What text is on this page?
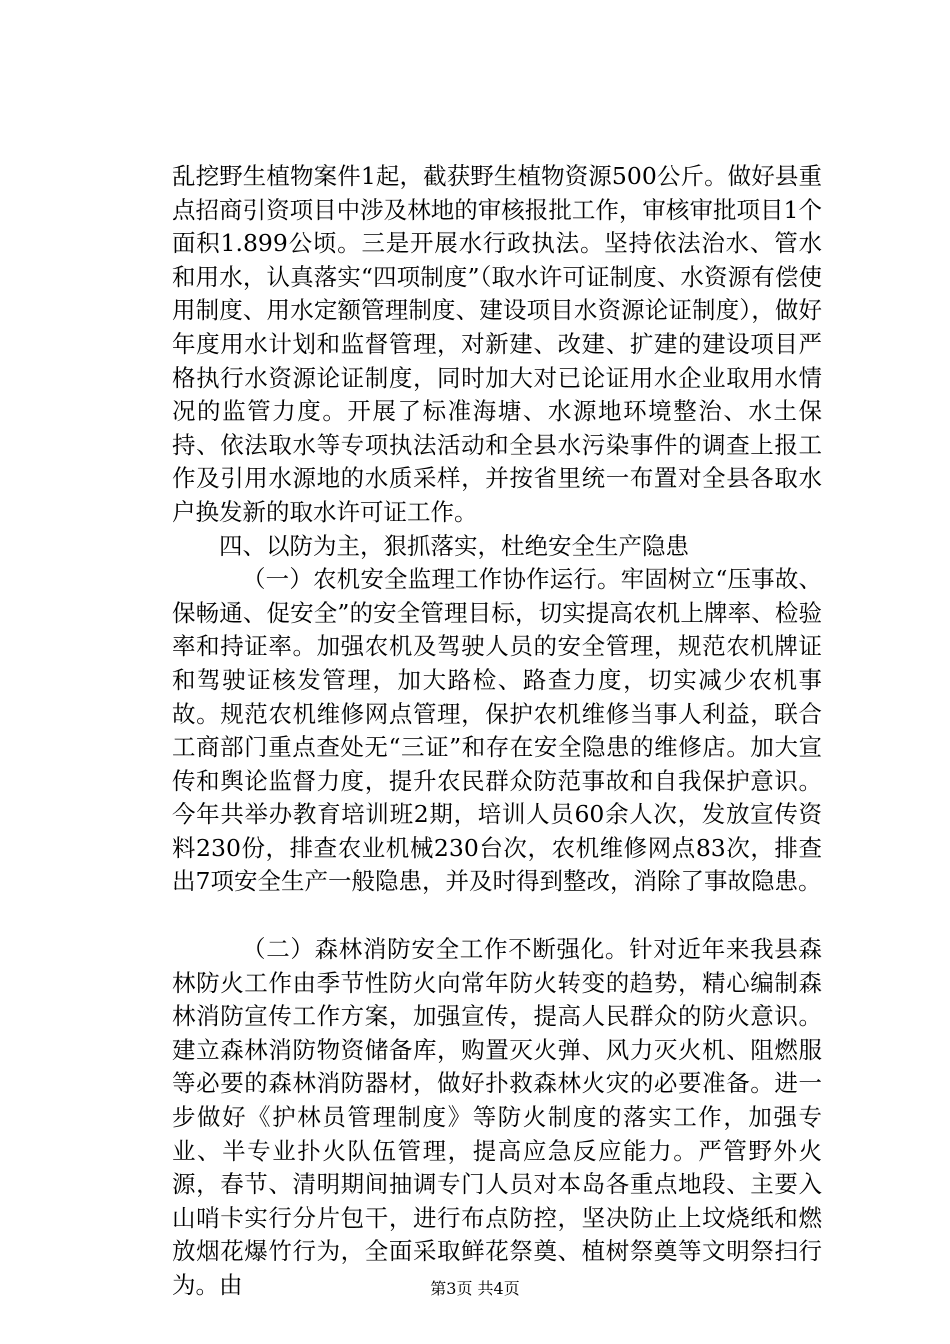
乱挖野生植物案件1起，截获野生植物资源500公斤。做好县重点招商引资项目中涉及林地的审核报批工作，审核审批项目1个面积1.899公顷。三是开展水行政执法。坚持依法治水、管水和用水，认真落实“四项制度”（取水许可证制度、水资源有偿使用制度、用水定额管理制度、建设项目水资源论证制度），做好年度用水计划和监督管理，对新建、改建、扩建的建设项目严格执行水资源论证制度，同时加大对已论证用水企业取用水情况的监管力度。开展了标准海塘、水源地环境整治、水土保持、依法取水等专项执法活动和全县水污染事件的调查上报工作及引用水源地的水质采样，并按省里统一布置对全县各取水户换发新的取水许可证工作。

四、以防为主，狠抓落实，杜绝安全生产隐患

（一）农机安全监理工作协作运行。牢固树立“压事故、保畅通、促安全”的安全管理目标，切实提高农机上牌率、检验率和持证率。加强农机及驾驶人员的安全管理，规范农机牌证和驾驶证核发管理，加大路检、路查力度，切实减少农机事故。规范农机维修网点管理，保护农机维修当事人利益，联合工商部门重点查处无“三证”和存在安全隐患的维修店。加大宣传和舆论监督力度，提升农民群众防范事故和自我保护意识。今年共举办教育培训班2期，培训人员60余人次，发放宣传资料230份，排查农业机械230台次，农机维修网点83次，排查出7项安全生产一般隐患，并及时得到整改，消除了事故隐患。

（二）森林消防安全工作不断强化。针对近年来我县森林防火工作由季节性防火向常年防火转变的趋势，精心编制森林消防宣传工作方案，加强宣传，提高人民群众的防火意识。建立森林消防物资储备库，购置灭火弹、风力灭火机、阻燃服等必要的森林消防器材，做好扑救森林火灾的必要准备。进一步做好《护林员管理制度》等防火制度的落实工作，加强专业、半专业扑火队伍管理，提高应急反应能力。严管野外火源，春节、清明期间抽调专门人员对本岛各重点地段、主要入山哨卡实行分片包干，进行布点防控，坚决防止上坟烧纸和燃放烟花爆竹行为，全面采取鲜花祭奠、植树祭奠等文明祭扫行为。由	第3页 共4页
